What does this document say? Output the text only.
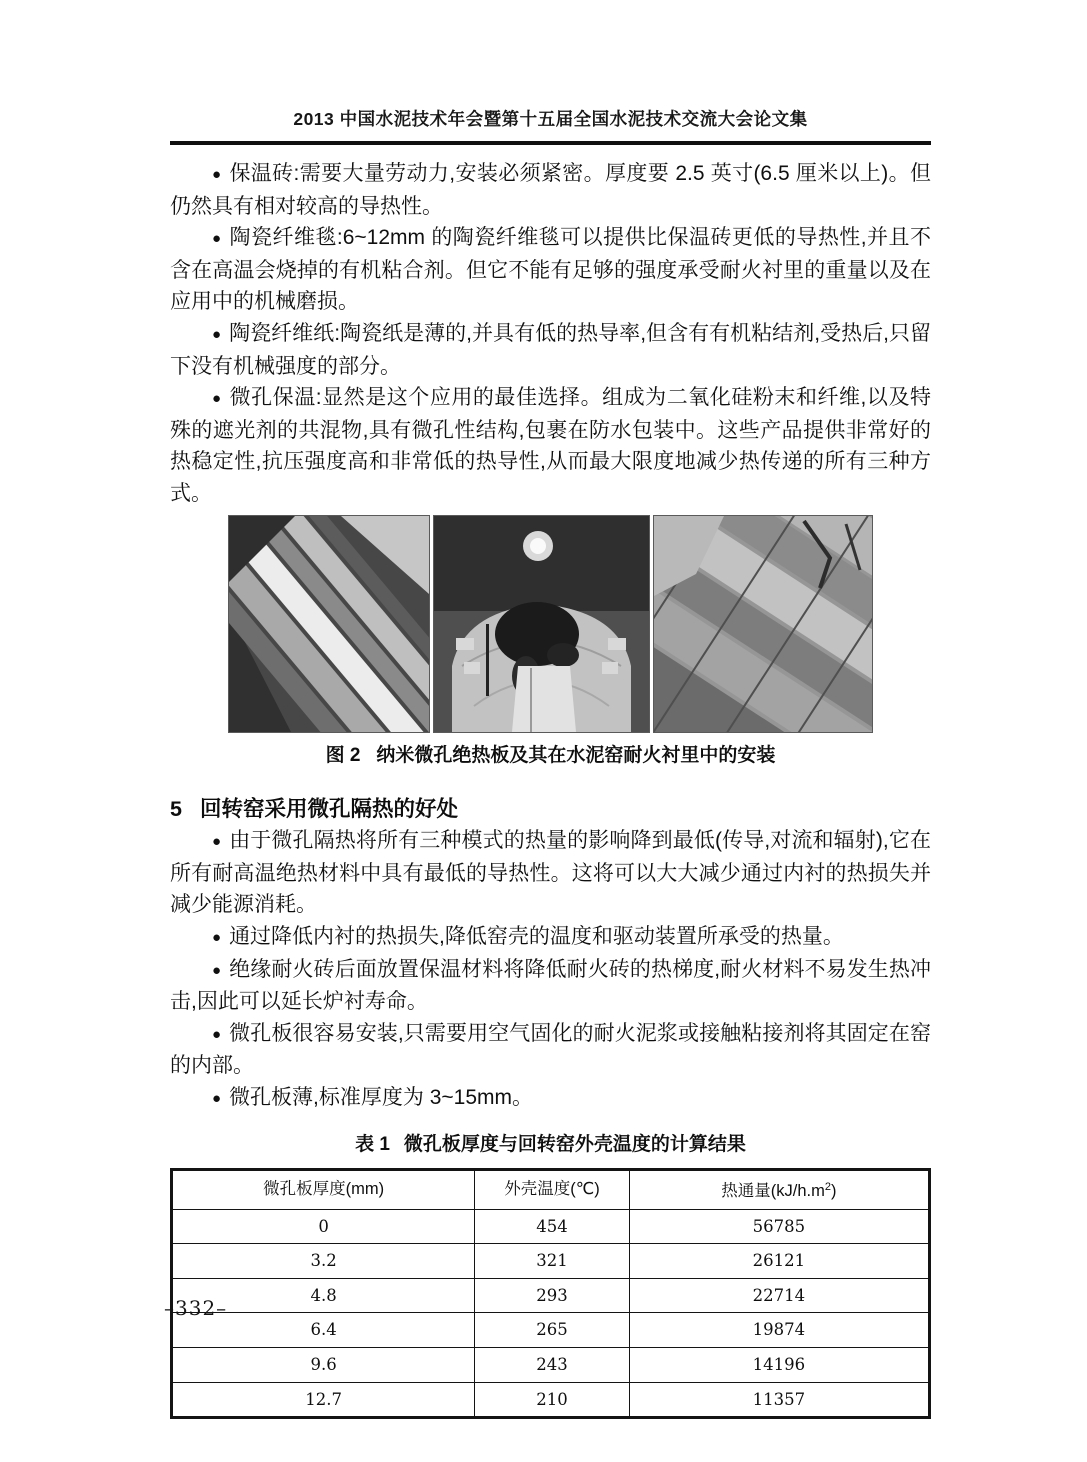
2013 中国水泥技术年会暨第十五届全国水泥技术交流大会论文集

● 保温砖:需要大量劳动力,安装必须紧密。厚度要 2.5 英寸(6.5 厘米以上)。但仍然具有相对较高的导热性。

● 陶瓷纤维毯:6~12mm 的陶瓷纤维毯可以提供比保温砖更低的导热性,并且不含在高温会烧掉的有机粘合剂。但它不能有足够的强度承受耐火衬里的重量以及在应用中的机械磨损。

● 陶瓷纤维纸:陶瓷纸是薄的,并具有低的热导率,但含有有机粘结剂,受热后,只留下没有机械强度的部分。

● 微孔保温:显然是这个应用的最佳选择。组成为二氧化硅粉末和纤维,以及特殊的遮光剂的共混物,具有微孔性结构,包裹在防水包装中。这些产品提供非常好的热稳定性,抗压强度高和非常低的热导性,从而最大限度地减少热传递的所有三种方式。

图 2 纳米微孔绝热板及其在水泥窑耐火衬里中的安装
5 回转窑采用微孔隔热的好处

● 由于微孔隔热将所有三种模式的热量的影响降到最低(传导,对流和辐射),它在所有耐高温绝热材料中具有最低的导热性。这将可以大大减少通过内衬的热损失并减少能源消耗。

● 通过降低内衬的热损失,降低窑壳的温度和驱动装置所承受的热量。

● 绝缘耐火砖后面放置保温材料将降低耐火砖的热梯度,耐火材料不易发生热冲击,因此可以延长炉衬寿命。

● 微孔板很容易安装,只需要用空气固化的耐火泥浆或接触粘接剂将其固定在窑的内部。

● 微孔板薄,标准厚度为 3~15mm。

表 1 微孔板厚度与回转窑外壳温度的计算结果
微孔板厚度(mm)	外壳温度(℃)	热通量$(kJ/h.m^2)$
0	454	56785
3.2	321	26121
4.8	293	22714
6.4	265	19874
9.6	243	14196
12.7	210	11357
–332–
